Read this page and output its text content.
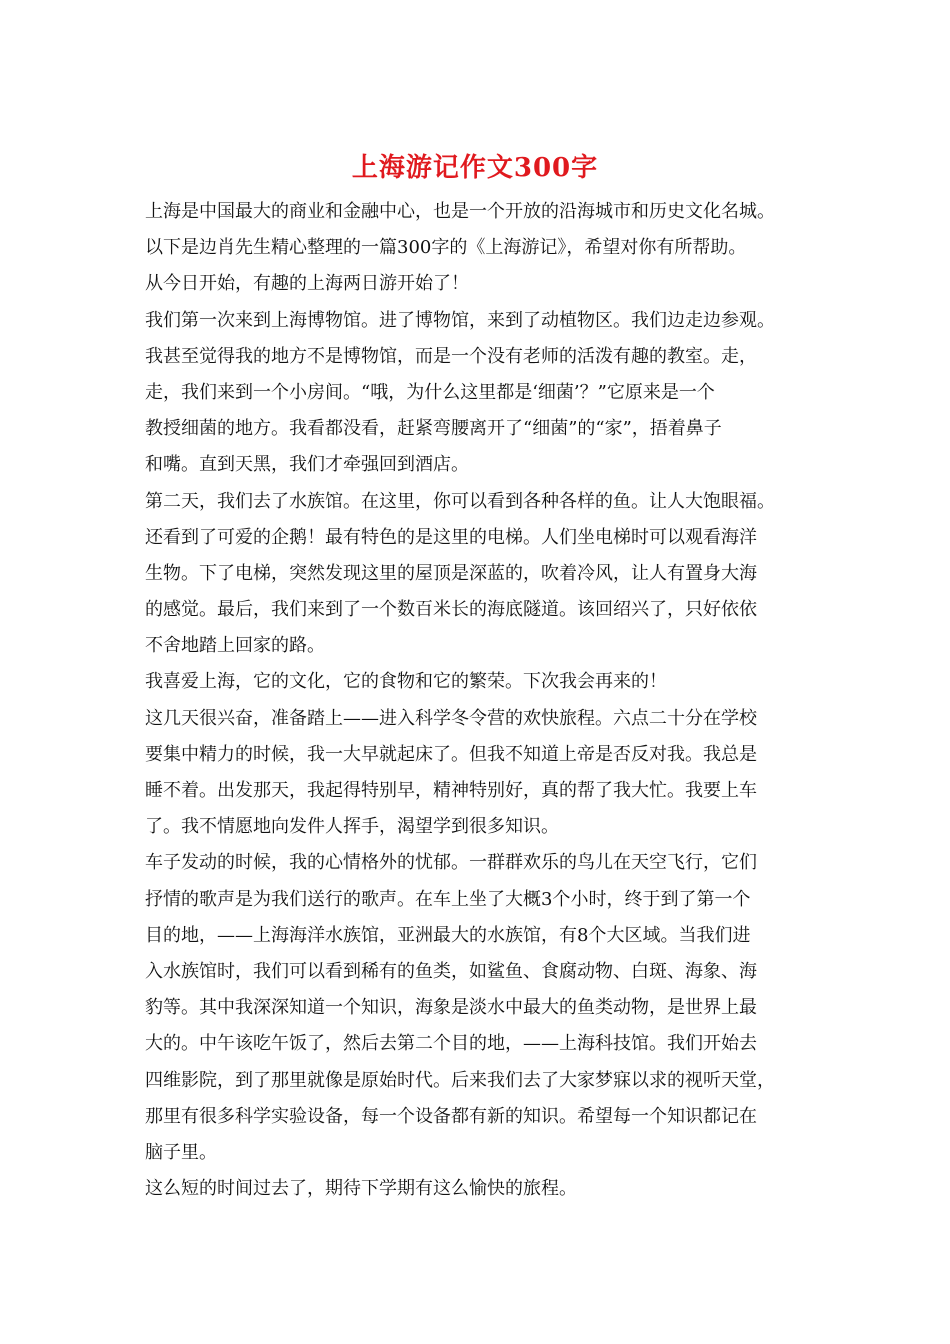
上海游记作文300字
上海是中国最大的商业和金融中心，也是一个开放的沿海城市和历史文化名城。
以下是边肖先生精心整理的一篇300字的《上海游记》，希望对你有所帮助。
从今日开始，有趣的上海两日游开始了！
我们第一次来到上海博物馆。进了博物馆，来到了动植物区。我们边走边参观。
我甚至觉得我的地方不是博物馆，而是一个没有老师的活泼有趣的教室。走，
走，我们来到一个小房间。“哦，为什么这里都是‘细菌’？”它原来是一个
教授细菌的地方。我看都没看，赶紧弯腰离开了“细菌”的“家”，捂着鼻子
和嘴。直到天黑，我们才牵强回到酒店。
第二天，我们去了水族馆。在这里，你可以看到各种各样的鱼。让人大饱眼福。
还看到了可爱的企鹅！最有特色的是这里的电梯。人们坐电梯时可以观看海洋
生物。下了电梯，突然发现这里的屋顶是深蓝的，吹着冷风，让人有置身大海
的感觉。最后，我们来到了一个数百米长的海底隧道。该回绍兴了，只好依依
不舍地踏上回家的路。
我喜爱上海，它的文化，它的食物和它的繁荣。下次我会再来的！
这几天很兴奋，准备踏上——进入科学冬令营的欢快旅程。六点二十分在学校
要集中精力的时候，我一大早就起床了。但我不知道上帝是否反对我。我总是
睡不着。出发那天，我起得特别早，精神特别好，真的帮了我大忙。我要上车
了。我不情愿地向发件人挥手，渴望学到很多知识。
车子发动的时候，我的心情格外的忧郁。一群群欢乐的鸟儿在天空飞行，它们
抒情的歌声是为我们送行的歌声。在车上坐了大概3个小时，终于到了第一个
目的地，——上海海洋水族馆，亚洲最大的水族馆，有8个大区域。当我们进
入水族馆时，我们可以看到稀有的鱼类，如鲨鱼、食腐动物、白斑、海象、海
豹等。其中我深深知道一个知识，海象是淡水中最大的鱼类动物，是世界上最
大的。中午该吃午饭了，然后去第二个目的地，——上海科技馆。我们开始去
四维影院，到了那里就像是原始时代。后来我们去了大家梦寐以求的视听天堂，
那里有很多科学实验设备，每一个设备都有新的知识。希望每一个知识都记在
脑子里。
这么短的时间过去了，期待下学期有这么愉快的旅程。
